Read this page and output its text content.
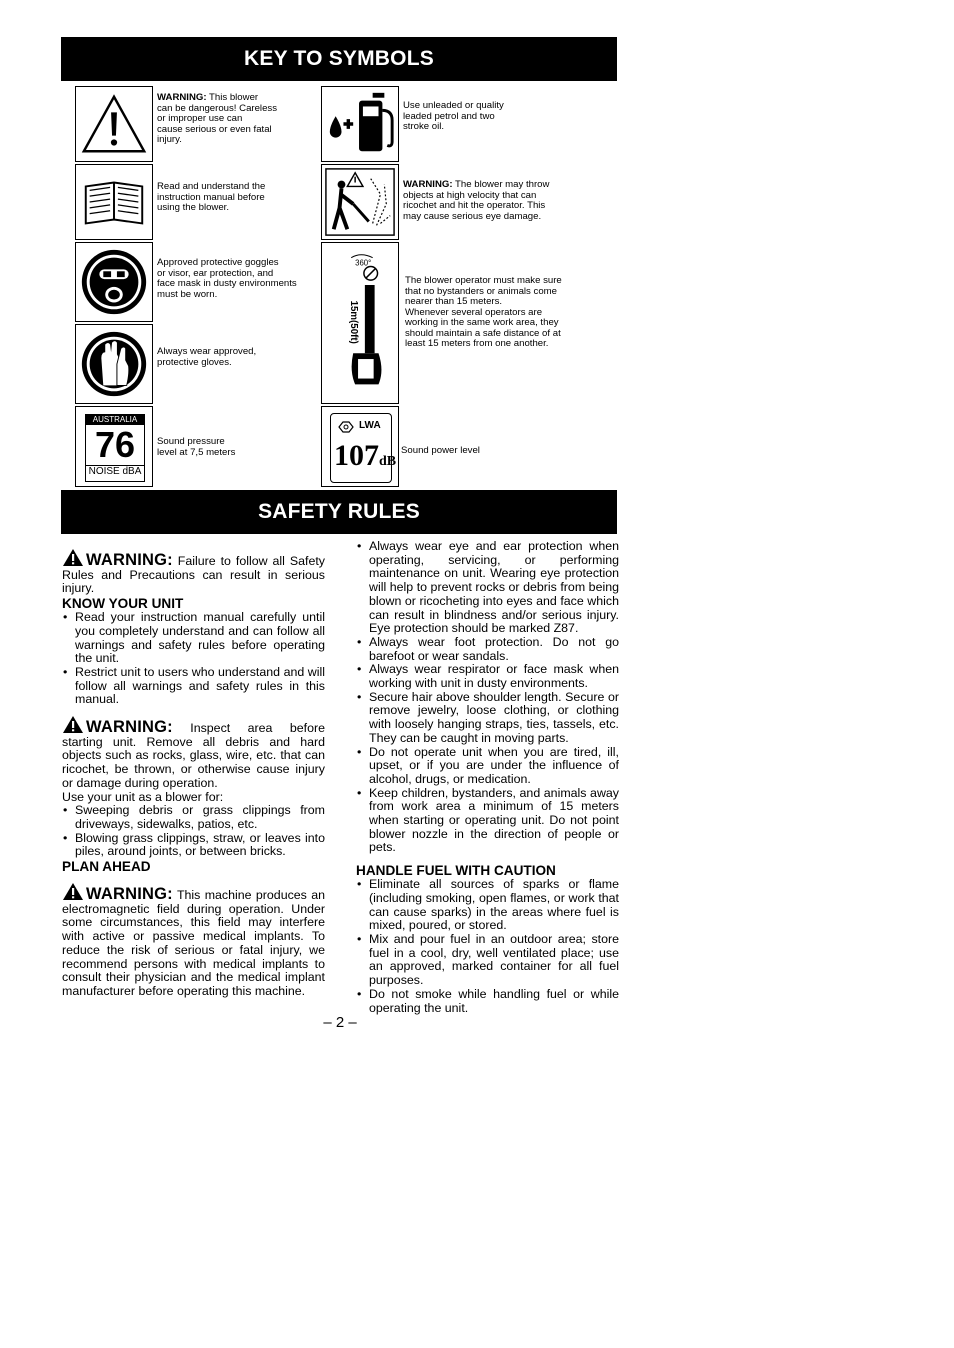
KEY TO SYMBOLS
WARNING: This blower
can be dangerous! Careless
or improper use can
cause serious or even fatal
injury.
Read and understand the
instruction manual before
using the blower.
Approved protective goggles
or visor, ear protection, and
face mask in dusty environments
must be worn.
Always wear approved,
protective gloves.
AUSTRALIA
76
NOISE dBA
Sound pressure
level at 7,5 meters
Use unleaded or quality
leaded petrol and two
stroke oil.
WARNING: The blower may throw
objects at high velocity that can
ricochet and hit the operator. This
may cause serious eye damage.
360°
15m(50ft)
The blower operator must make sure
that no bystanders or animals come
nearer than 15 meters.
Whenever several operators are
working in the same work area, they
should maintain a safe distance of at
least 15 meters from one another.
LWA
107dB
Sound power level
SAFETY RULES

WARNING: Failure to follow all Safety Rules and Precautions can result in serious injury.

KNOW YOUR UNIT

• Read your instruction manual carefully until you completely understand and can follow all warnings and safety rules before operating the unit.
• Restrict unit to users who understand and will follow all warnings and safety rules in this manual.

WARNING: Inspect area before starting unit. Remove all debris and hard objects such as rocks, glass, wire, etc. that can ricochet, be thrown, or otherwise cause injury or damage during operation.

Use your unit as a blower for:

• Sweeping debris or grass clippings from driveways, sidewalks, patios, etc.
• Blowing grass clippings, straw, or leaves into piles, around joints, or between bricks.

PLAN AHEAD

WARNING: This machine produces an electromagnetic field during operation. Under some circumstances, this field may interfere with active or passive medical implants. To reduce the risk of serious or fatal injury, we recommend persons with medical implants to consult their physician and the medical implant manufacturer before operating this machine.

• Always wear eye and ear protection when operating, servicing, or performing maintenance on unit. Wearing eye protection will help to prevent rocks or debris from being blown or ricocheting into eyes and face which can result in blindness and/or serious injury. Eye protection should be marked Z87.
• Always wear foot protection. Do not go barefoot or wear sandals.
• Always wear respirator or face mask when working with unit in dusty environments.
• Secure hair above shoulder length. Secure or remove jewelry, loose clothing, or clothing with loosely hanging straps, ties, tassels, etc. They can be caught in moving parts.
• Do not operate unit when you are tired, ill, upset, or if you are under the influence of alcohol, drugs, or medication.
• Keep children, bystanders, and animals away from work area a minimum of 15 meters when starting or operating unit. Do not point blower nozzle in the direction of people or pets.

HANDLE FUEL WITH CAUTION

• Eliminate all sources of sparks or flame (including smoking, open flames, or work that can cause sparks) in the areas where fuel is mixed, poured, or stored.
• Mix and pour fuel in an outdoor area; store fuel in a cool, dry, well ventilated place; use an approved, marked container for all fuel purposes.
• Do not smoke while handling fuel or while operating the unit.
– 2 –
